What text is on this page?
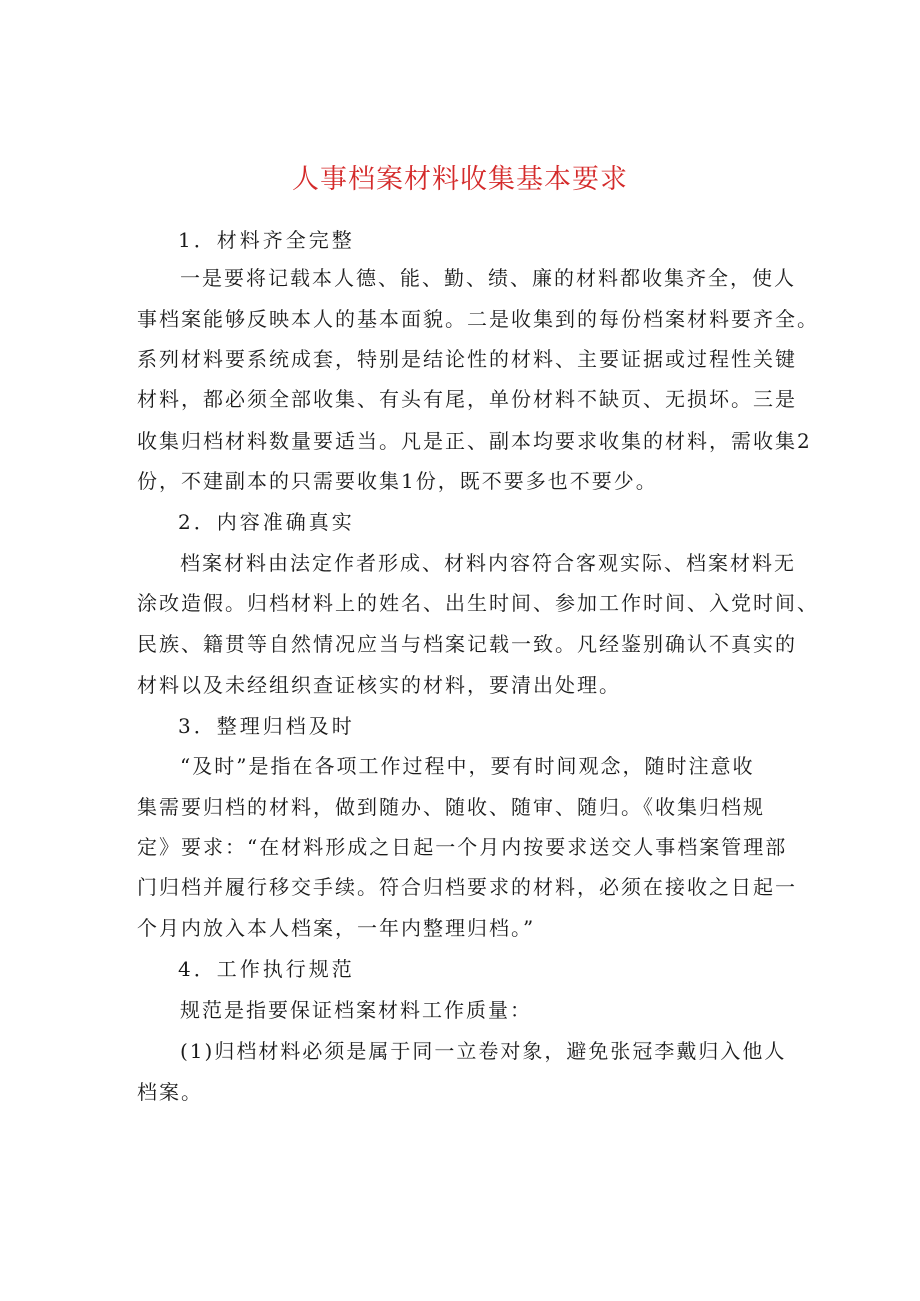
人事档案材料收集基本要求
1．材料齐全完整
一是要将记载本人德、能、勤、绩、廉的材料都收集齐全，使人
事档案能够反映本人的基本面貌。二是收集到的每份档案材料要齐全。
系列材料要系统成套，特别是结论性的材料、主要证据或过程性关键
材料，都必须全部收集、有头有尾，单份材料不缺页、无损坏。三是
收集归档材料数量要适当。凡是正、副本均要求收集的材料，需收集2
份，不建副本的只需要收集1份，既不要多也不要少。
2．内容准确真实
档案材料由法定作者形成、材料内容符合客观实际、档案材料无
涂改造假。归档材料上的姓名、出生时间、参加工作时间、入党时间、
民族、籍贯等自然情况应当与档案记载一致。凡经鉴别确认不真实的
材料以及未经组织查证核实的材料，要清出处理。
3．整理归档及时
“及时”是指在各项工作过程中，要有时间观念，随时注意收
集需要归档的材料，做到随办、随收、随审、随归。《收集归档规
定》要求：“在材料形成之日起一个月内按要求送交人事档案管理部
门归档并履行移交手续。符合归档要求的材料，必须在接收之日起一
个月内放入本人档案，一年内整理归档。”
4．工作执行规范
规范是指要保证档案材料工作质量：
(1)归档材料必须是属于同一立卷对象，避免张冠李戴归入他人
档案。
